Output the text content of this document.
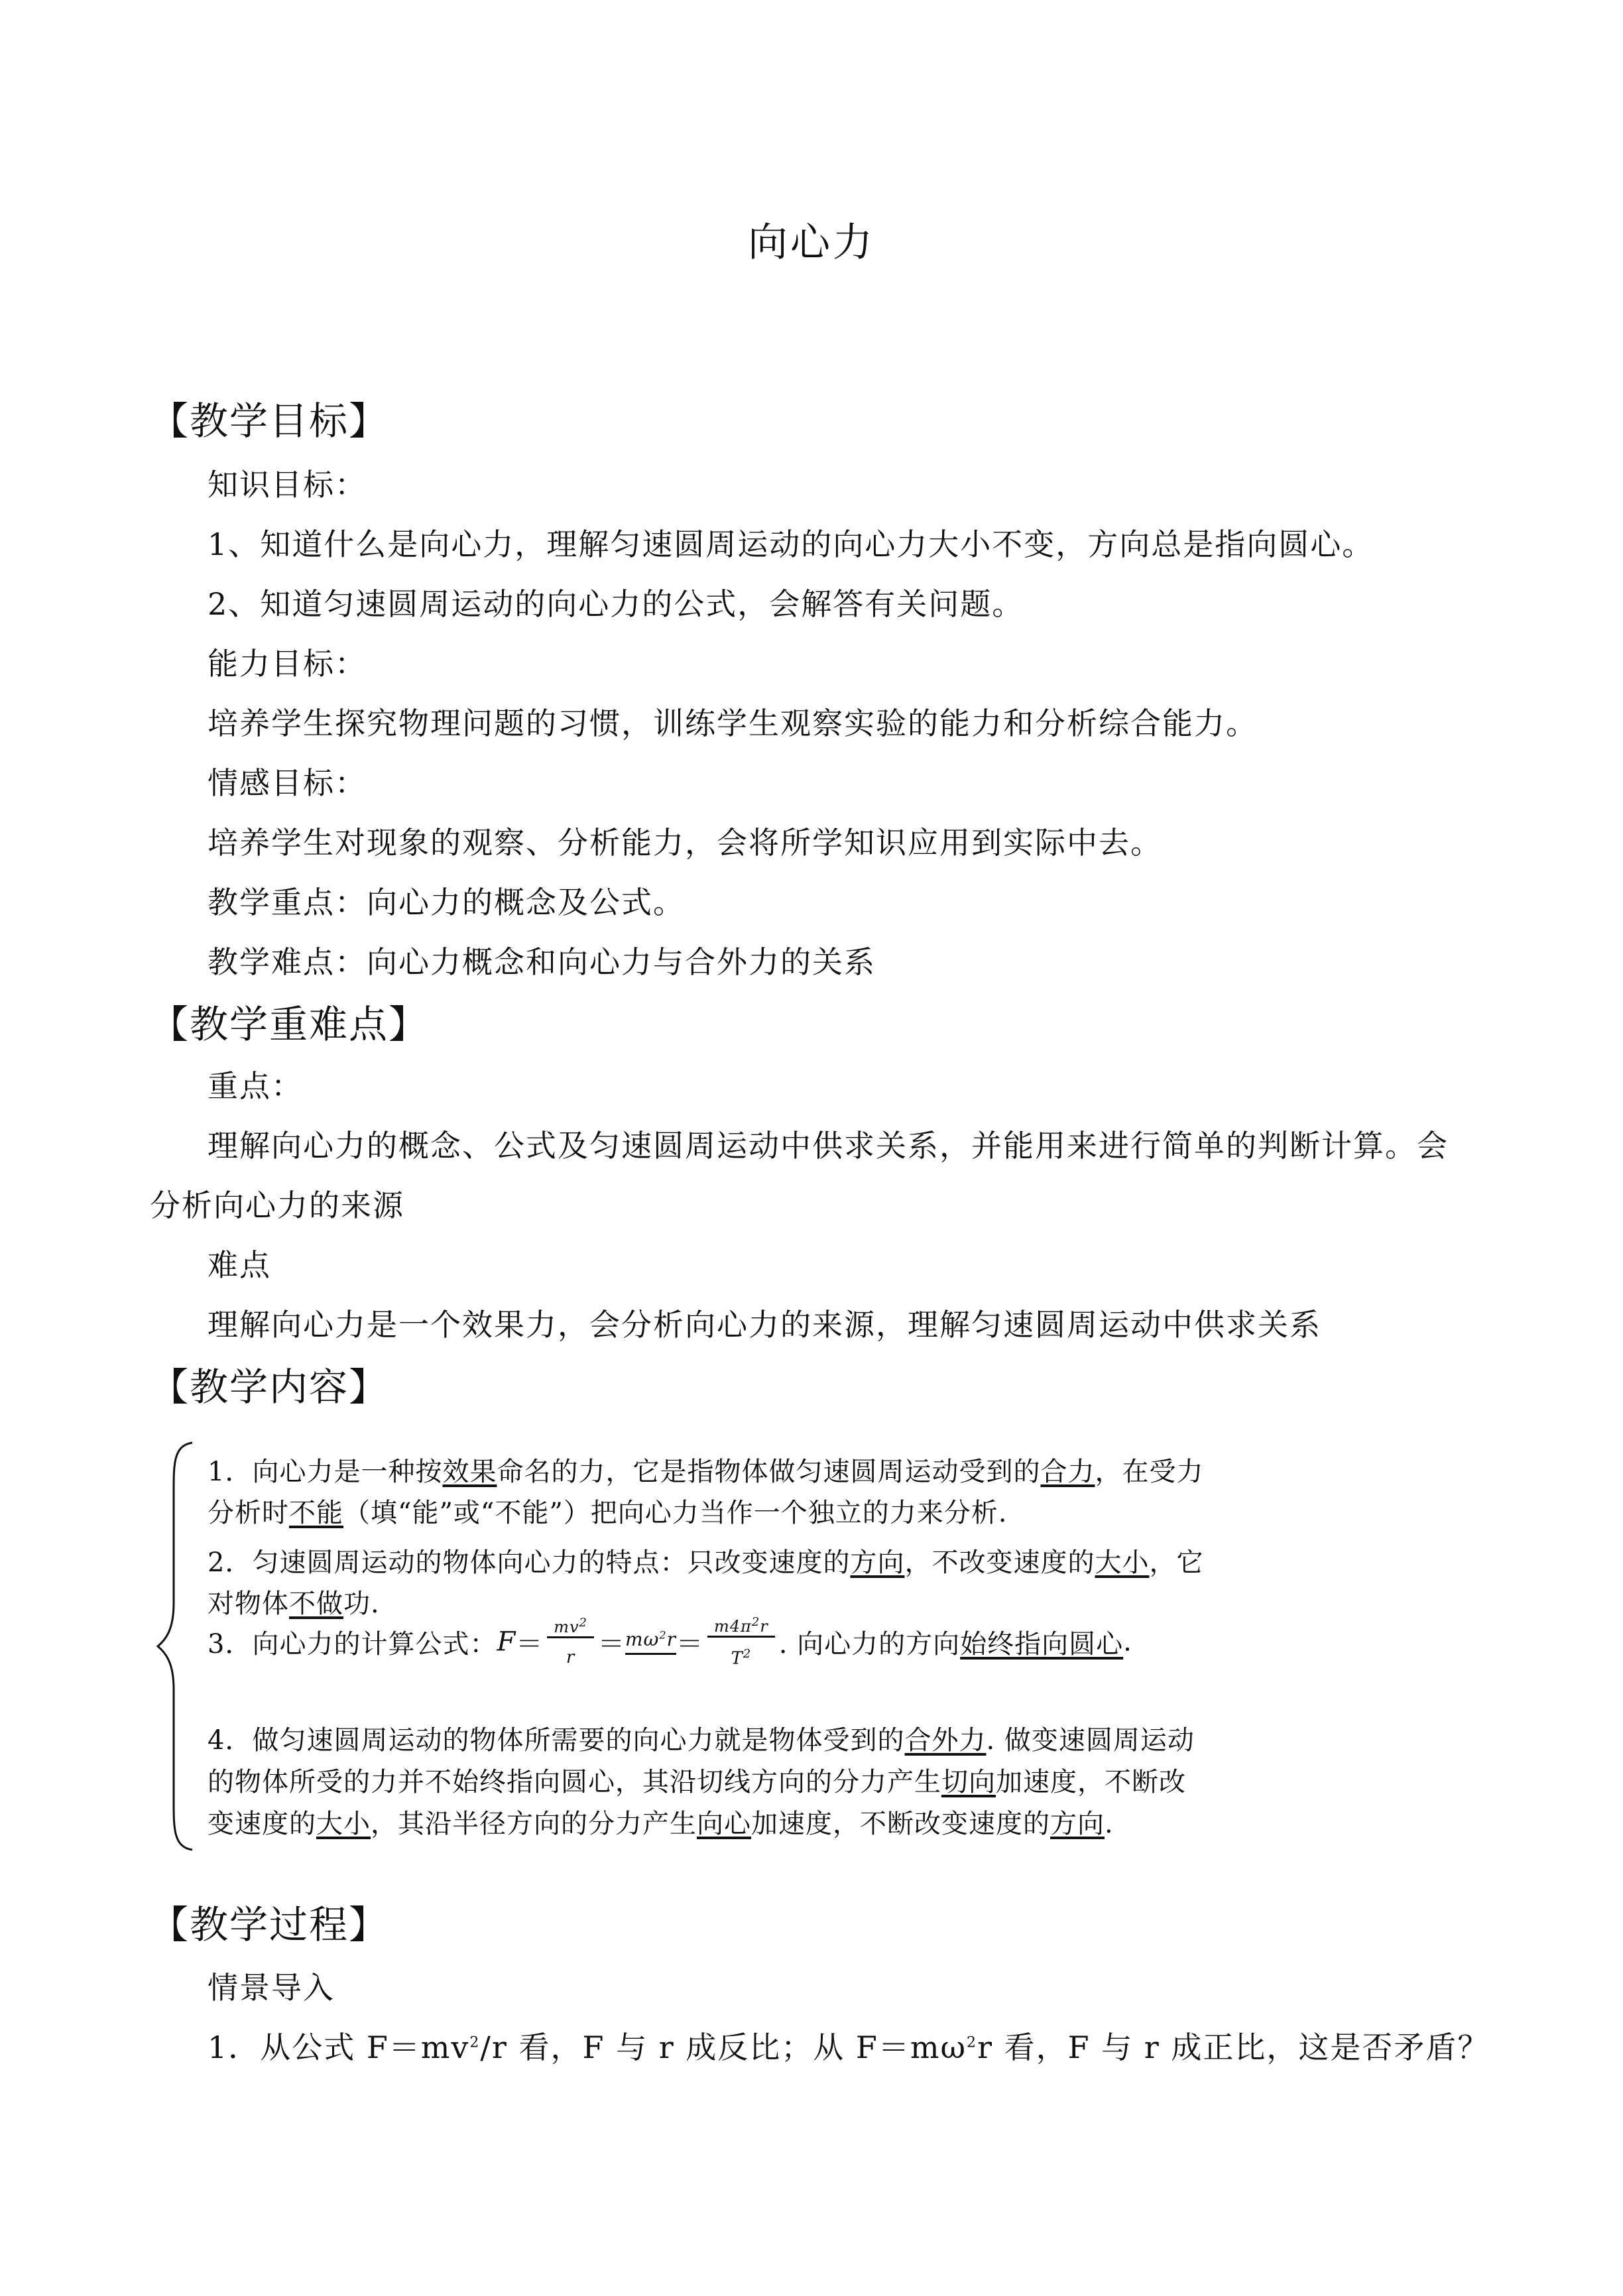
向心力
【教学目标】
知识目标：
1、知道什么是向心力，理解匀速圆周运动的向心力大小不变，方向总是指向圆心。
2、知道匀速圆周运动的向心力的公式，会解答有关问题。
能力目标：
培养学生探究物理问题的习惯，训练学生观察实验的能力和分析综合能力。
情感目标：
培养学生对现象的观察、分析能力，会将所学知识应用到实际中去。
教学重点：向心力的概念及公式。
教学难点：向心力概念和向心力与合外力的关系
【教学重难点】
重点：
理解向心力的概念、公式及匀速圆周运动中供求关系，并能用来进行简单的判断计算。会
分析向心力的来源
难点
理解向心力是一个效果力，会分析向心力的来源，理解匀速圆周运动中供求关系
【教学内容】
1．向心力是一种按效果命名的力，它是指物体做匀速圆周运动受到的合力，在受力
分析时不能（填“能”或“不能”）把向心力当作一个独立的力来分析.
2．匀速圆周运动的物体向心力的特点：只改变速度的方向，不改变速度的大小，它
对物体不做功.
3．向心力的计算公式：$F= \frac{mv^2}{r} =m\omega^2r= \frac{m4\pi^2r}{T^2}$ . 向心力的方向始终指向圆心.
4．做匀速圆周运动的物体所需要的向心力就是物体受到的合外力. 做变速圆周运动
的物体所受的力并不始终指向圆心，其沿切线方向的分力产生切向加速度，不断改
变速度的大小，其沿半径方向的分力产生向心加速度，不断改变速度的方向.
【教学过程】
情景导入
1．从公式 $F=mv^2/r$ 看，F 与 r 成反比；从 $F=m\omega^2r$ 看，F 与 r 成正比，这是否矛盾？
